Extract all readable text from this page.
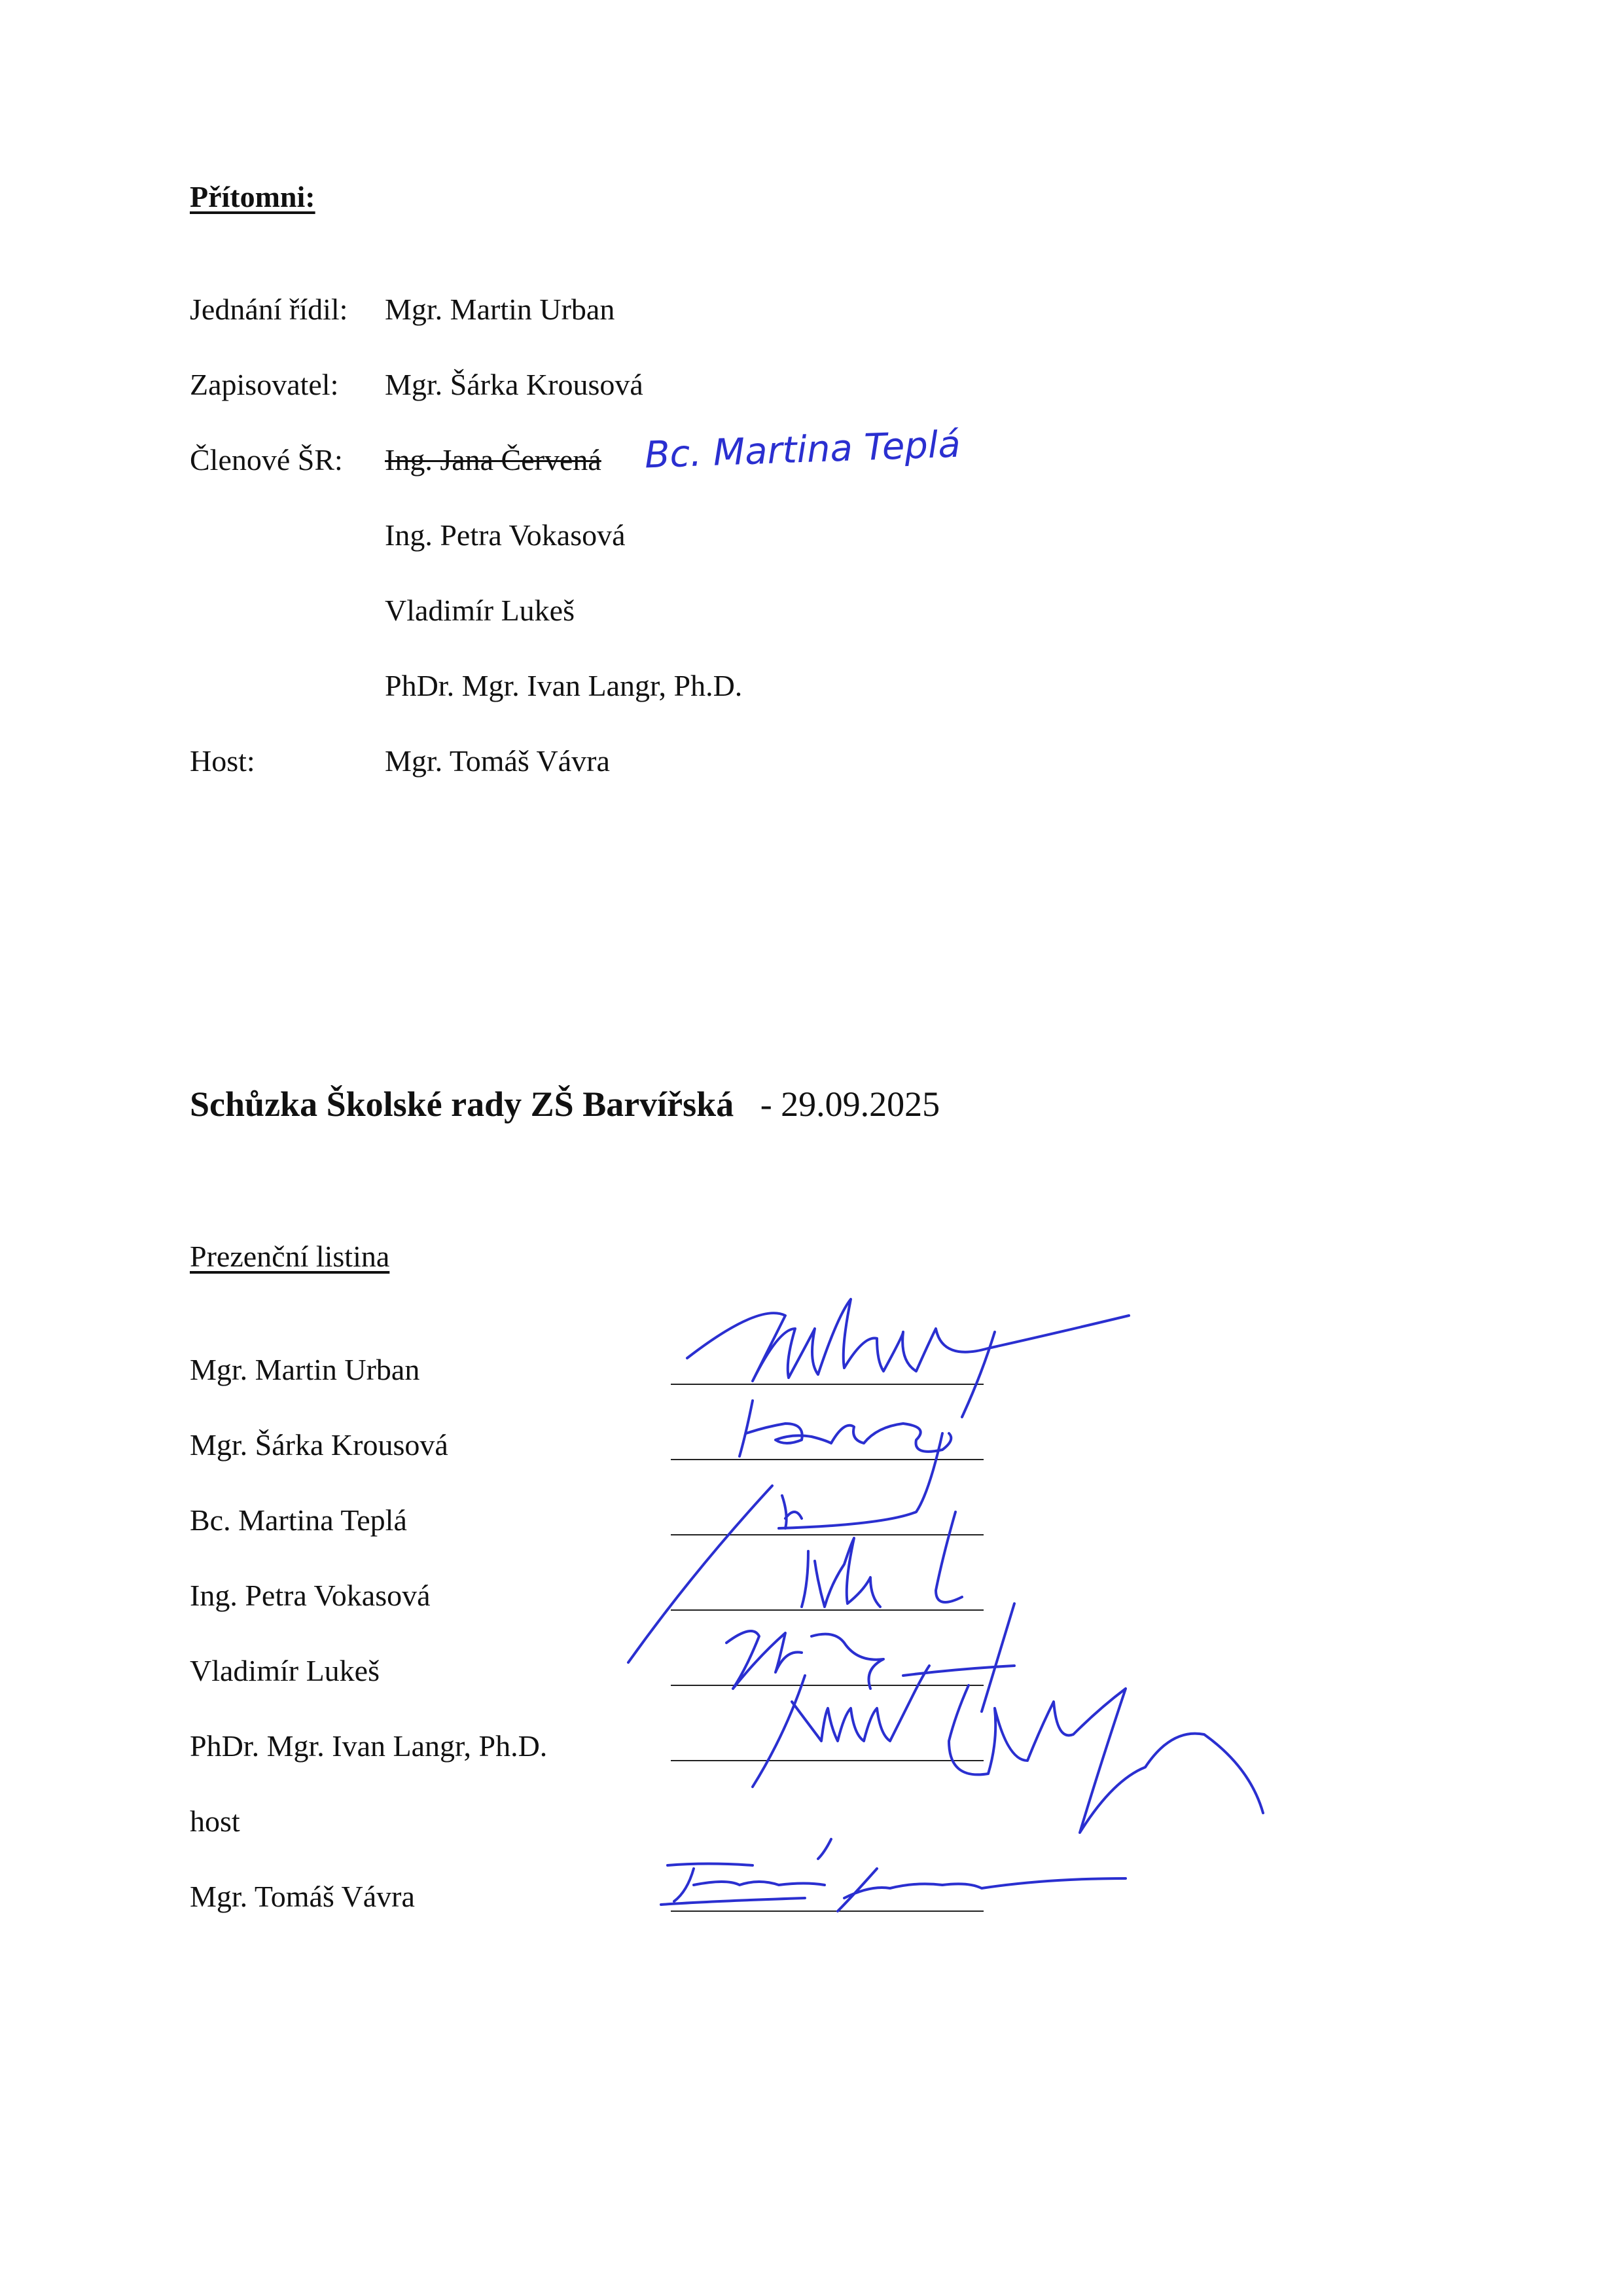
Přítomni:
Jednání řídil: Mgr. Martin Urban
Zapisovatel: Mgr. Šárka Krousová
Členové ŠR: Ing. Jana Červená Bc. Martina Teplá
Ing. Petra Vokasová
Vladimír Lukeš
PhDr. Mgr. Ivan Langr, Ph.D.
Host:	Mgr. Tomáš Vávra
Schůzka Školské rady ZŠ Barvířská - 29.09.2025
Prezenční listina
Mgr. Martin Urban
Mgr. Šárka Krousová
Bc. Martina Teplá
Ing. Petra Vokasová
Vladimír Lukeš
PhDr. Mgr. Ivan Langr, Ph.D.
host
Mgr. Tomáš Vávra
